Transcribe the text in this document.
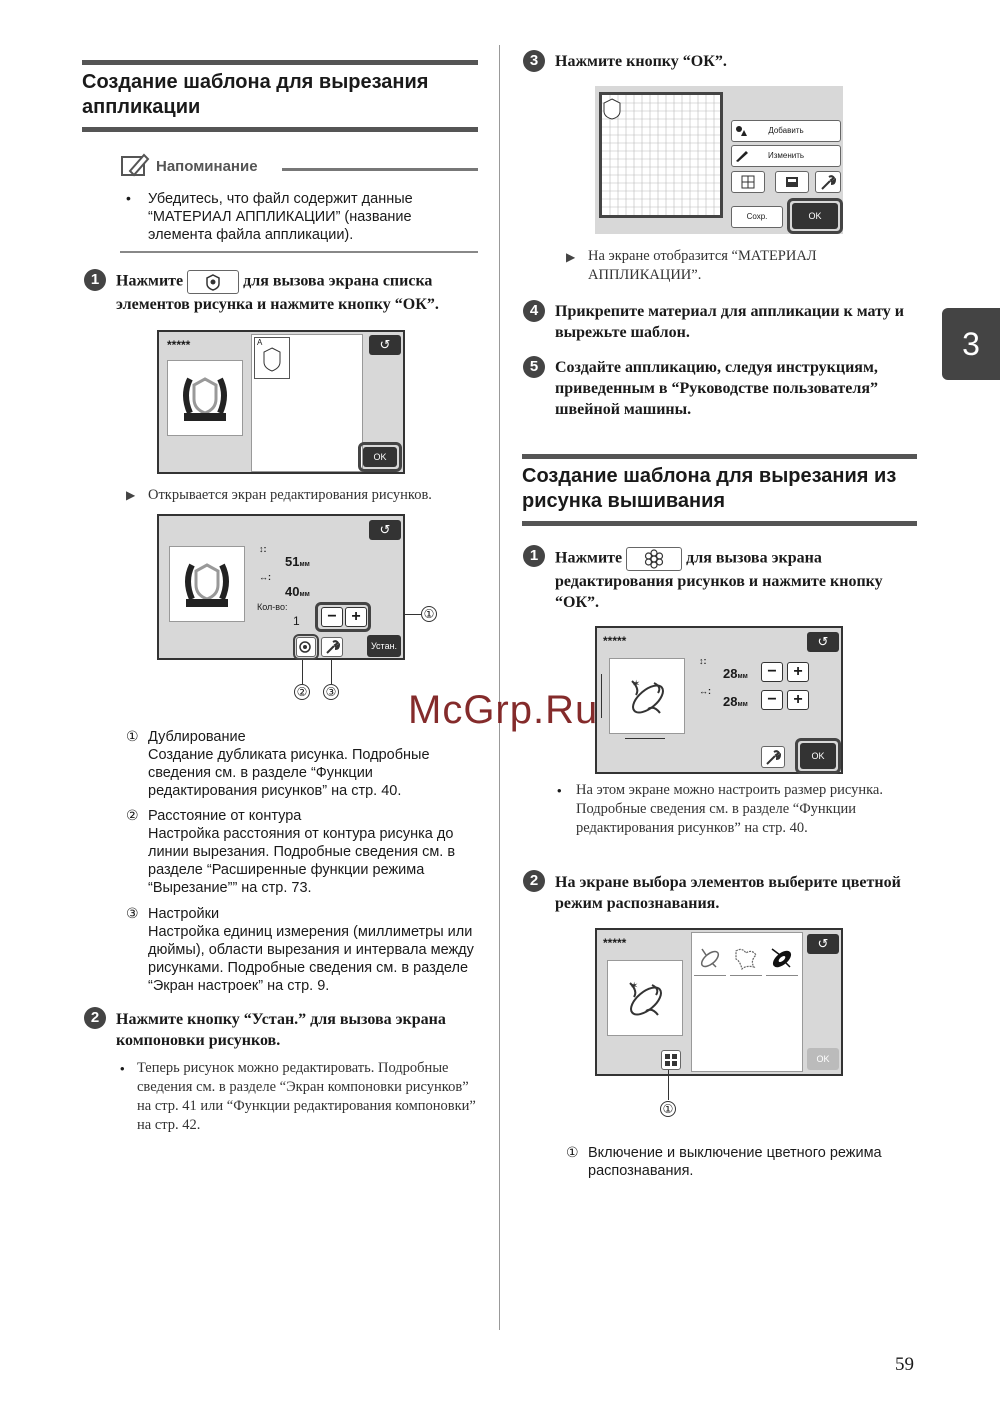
Создание шаблона для вырезания аппликации
Напоминание
• Убедитесь, что файл содержит данные “МАТЕРИАЛ АППЛИКАЦИИ” (название элемента файла аппликации).
1	Нажмите	для вызова экрана списка элементов рисунка и нажмите кнопку “ОК”.
*****	A	↺
OK
▶ Открывается экран редактирования рисунков.
↺
↕:
51мм
↔:
40мм
Кол-во:
1	− +
Устан.
①
② ③
① Дублирование
Создание дубликата рисунка. Подробные сведения см. в разделе “Функции редактирования рисунков” на стр. 40.
② Расстояние от контура
Настройка расстояния от контура рисунка до линии вырезания. Подробные сведения см. в разделе “Расширенные функции режима “Вырезание”” на стр. 73.
③ Настройки
Настройка единиц измерения (миллиметры или дюймы), области вырезания и интервала между рисунками. Подробные сведения см. в разделе “Экран настроек” на стр. 9.
2	Нажмите кнопку “Устан.” для вызова экрана компоновки рисунков.
• Теперь рисунок можно редактировать. Подробные сведения см. в разделе “Экран компоновки рисунков” на стр. 41 или “Функции редактирования компоновки” на стр. 42.
3	Нажмите кнопку “ОК”.
Добавить
Изменить
Сохр.	OK
▶ На экране отобразится “МАТЕРИАЛ АППЛИКАЦИИ”.
4	Прикрепите материал для аппликации к мату и вырежьте шаблон.
5	Создайте аппликацию, следуя инструкциям, приведенным в “Руководстве пользователя” швейной машины.
Создание шаблона для вырезания из рисунка вышивания
1	Нажмите	для вызова экрана редактирования рисунков и нажмите кнопку “ОК”.
*****	↺
✶
↕:
28мм	−	+
↔:
28мм	−	+
OK
• На этом экране можно настроить размер рисунка. Подробные сведения см. в разделе “Функции редактирования рисунков” на стр. 40.
2	На экране выбора элементов выберите цветной режим распознавания.
*****
✶
↺
OK
①
① Включение и выключение цветного режима распознавания.
McGrp.Ru
3
59
